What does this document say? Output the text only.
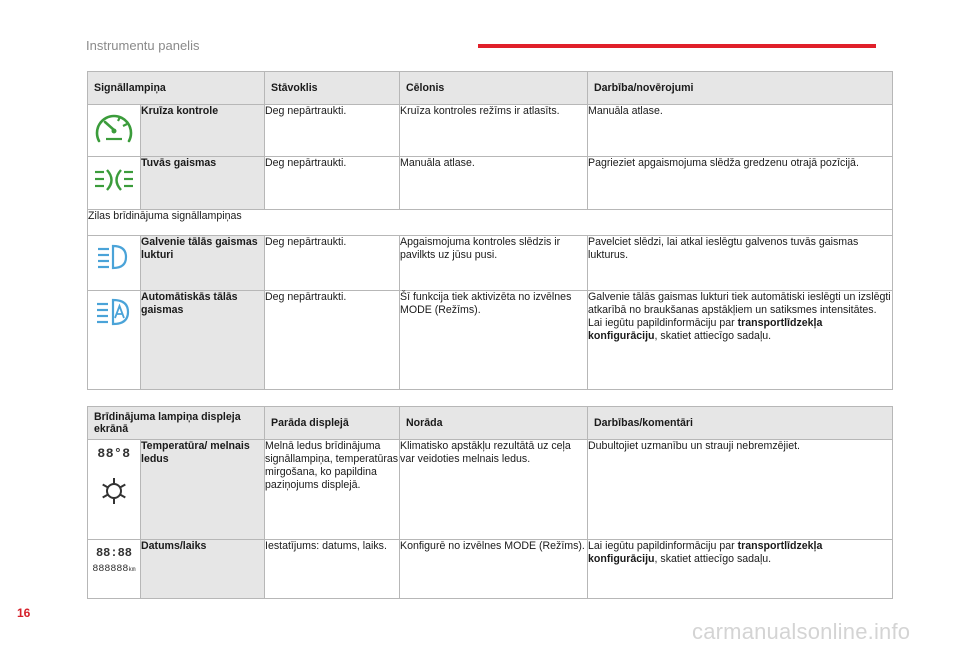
Instrumentu panelis
Signāllampiņa		Stāvoklis	Cēlonis	Darbība/novērojumi

	Kruīza kontrole	Deg nepārtraukti.	Kruīza kontroles režīms ir atlasīts.	Manuāla atlase.

	Tuvās gaismas	Deg nepārtraukti.	Manuāla atlase.	Pagrieziet apgaismojuma slēdža gredzenu otrajā pozīcijā.
Zilas brīdinājuma signāllampiņas				

	Galvenie tālās gaismas lukturi	Deg nepārtraukti.	Apgaismojuma kontroles slēdzis ir pavilkts uz jūsu pusi.	Pavelciet slēdzi, lai atkal ieslēgtu galvenos tuvās gaismas lukturus.

	Automātiskās tālās gaismas	Deg nepārtraukti.	Šī funkcija tiek aktivizēta no izvēlnes MODE (Režīms).	Galvenie tālās gaismas lukturi tiek automātiski ieslēgti un izslēgti atkarībā no braukšanas apstākļiem un satiksmes intensitātes.
Lai iegūtu papildinformāciju par transportlīdzekļa konfigurāciju, skatiet attiecīgo sadaļu.
Brīdinājuma lampiņa displeja ekrānā		Parāda displejā	Norāda	Darbības/komentāri

88°8	Temperatūra/ melnais ledus	Melnā ledus brīdinājuma signāllampiņa, temperatūras mirgošana, ko papildina paziņojums displejā.	Klimatisko apstākļu rezultātā uz ceļa var veidoties melnais ledus.	Dubultojiet uzmanību un strauji nebremzējiet.

88:88
888888km	Datums/laiks	Iestatījums: datums, laiks.	Konfigurē no izvēlnes MODE (Režīms).	Lai iegūtu papildinformāciju par transportlīdzekļa konfigurāciju, skatiet attiecīgo sadaļu.
16
carmanualsonline.info
